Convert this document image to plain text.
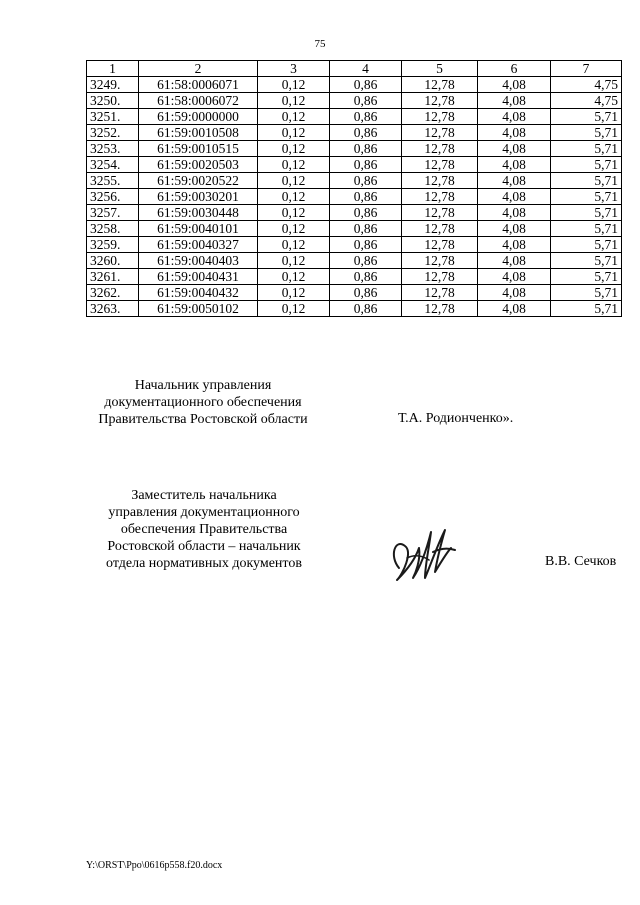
75
1	2	3	4	5	6	7
3249.	61:58:0006071	0,12	0,86	12,78	4,08	4,75
3250.	61:58:0006072	0,12	0,86	12,78	4,08	4,75
3251.	61:59:0000000	0,12	0,86	12,78	4,08	5,71
3252.	61:59:0010508	0,12	0,86	12,78	4,08	5,71
3253.	61:59:0010515	0,12	0,86	12,78	4,08	5,71
3254.	61:59:0020503	0,12	0,86	12,78	4,08	5,71
3255.	61:59:0020522	0,12	0,86	12,78	4,08	5,71
3256.	61:59:0030201	0,12	0,86	12,78	4,08	5,71
3257.	61:59:0030448	0,12	0,86	12,78	4,08	5,71
3258.	61:59:0040101	0,12	0,86	12,78	4,08	5,71
3259.	61:59:0040327	0,12	0,86	12,78	4,08	5,71
3260.	61:59:0040403	0,12	0,86	12,78	4,08	5,71
3261.	61:59:0040431	0,12	0,86	12,78	4,08	5,71
3262.	61:59:0040432	0,12	0,86	12,78	4,08	5,71
3263.	61:59:0050102	0,12	0,86	12,78	4,08	5,71
Начальник управления
документационного обеспечения
Правительства Ростовской области	Т.А. Родионченко».
Заместитель начальника
управления документационного
обеспечения Правительства
Ростовской области – начальник
отдела нормативных документов	В.В. Сечков
Y:\ORST\Ppo\0616p558.f20.docx
